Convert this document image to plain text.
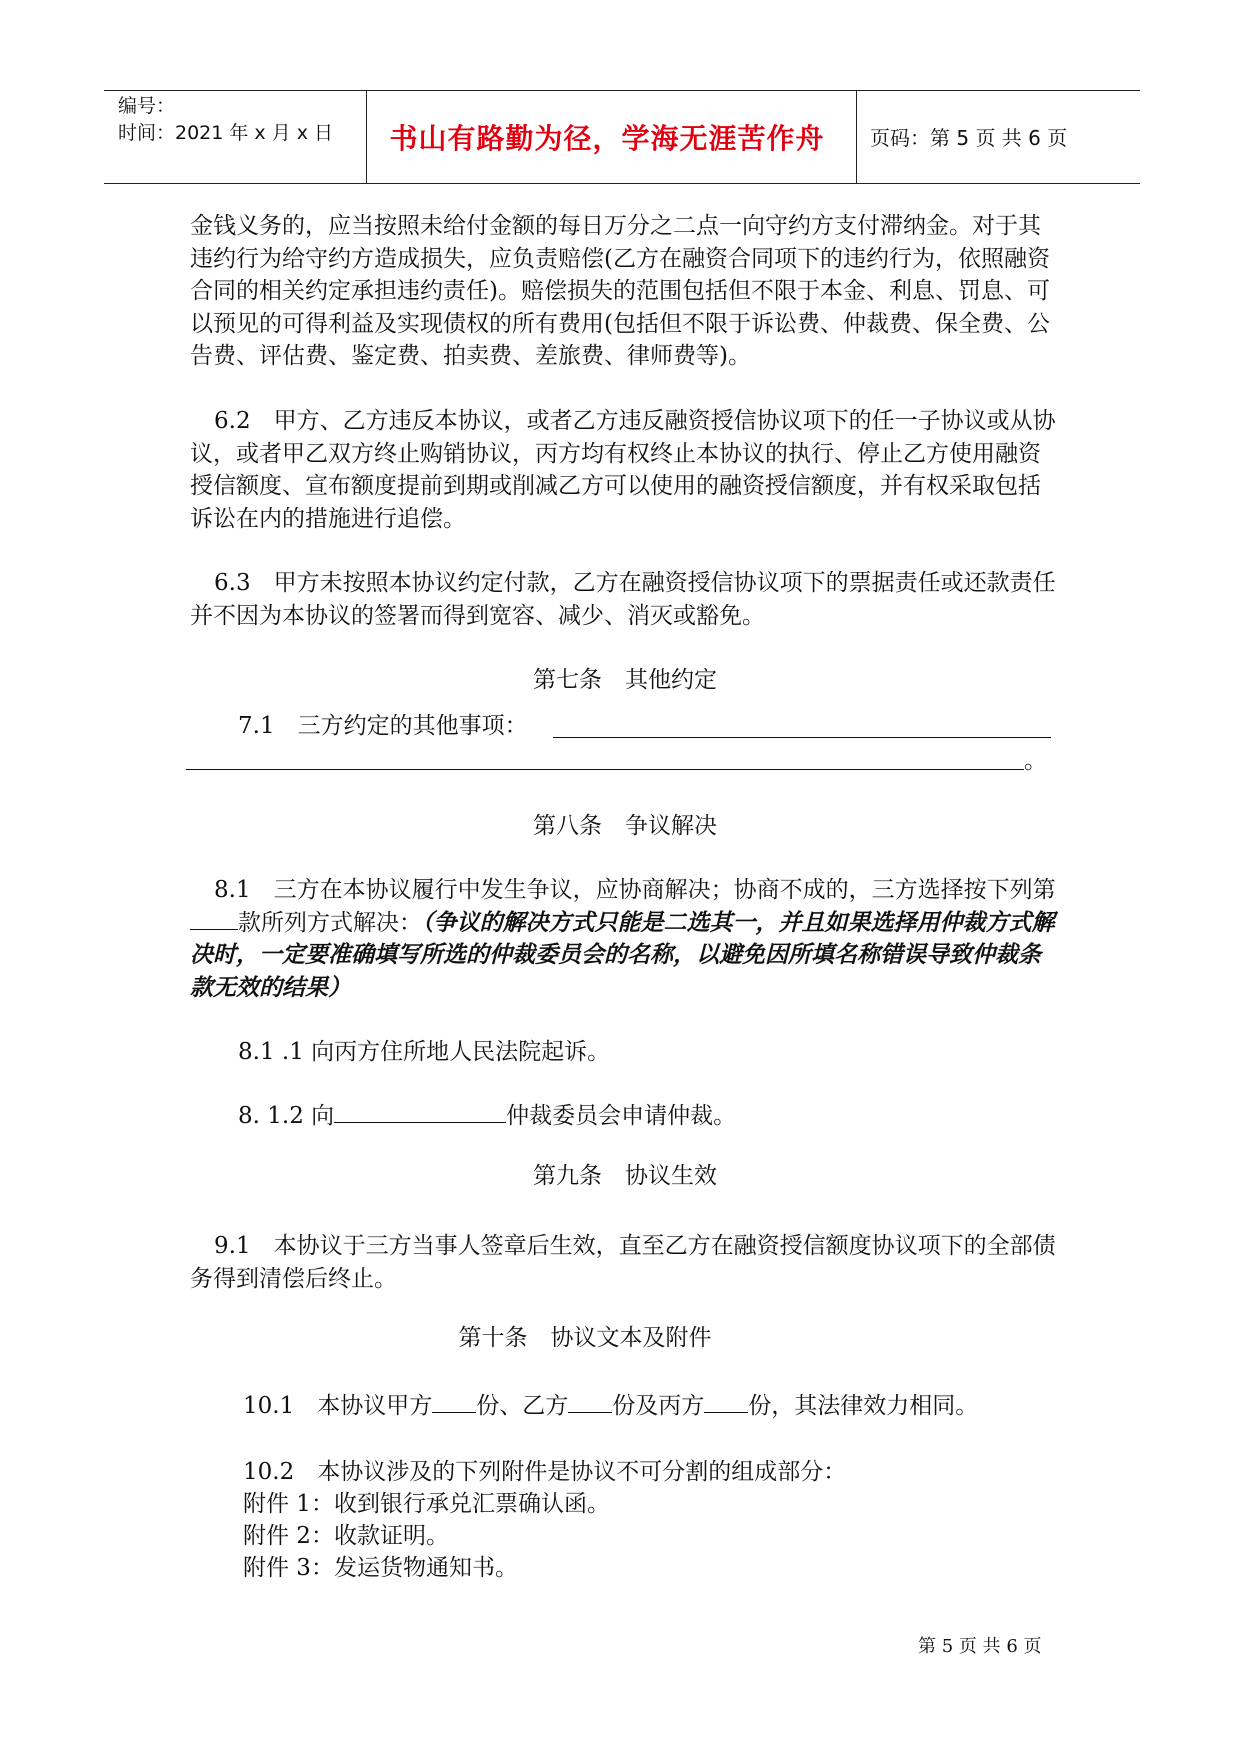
编号：
时间：2021 年 x 月 x 日	书山有路勤为径，学海无涯苦作舟	页码：第 5 页 共 6 页
金钱义务的，应当按照未给付金额的每日万分之二点一向守约方支付滞纳金。对于其违约行为给守约方造成损失，应负责赔偿(乙方在融资合同项下的违约行为，依照融资合同的相关约定承担违约责任)。赔偿损失的范围包括但不限于本金、利息、罚息、可以预见的可得利益及实现债权的所有费用(包括但不限于诉讼费、仲裁费、保全费、公告费、评估费、鉴定费、拍卖费、差旅费、律师费等)。
6.2　甲方、乙方违反本协议，或者乙方违反融资授信协议项下的任一子协议或从协议，或者甲乙双方终止购销协议，丙方均有权终止本协议的执行、停止乙方使用融资授信额度、宣布额度提前到期或削减乙方可以使用的融资授信额度，并有权采取包括诉讼在内的措施进行追偿。
6.3　甲方未按照本协议约定付款，乙方在融资授信协议项下的票据责任或还款责任并不因为本协议的签署而得到宽容、减少、消灭或豁免。
第七条　其他约定
7.1　三方约定的其他事项：
。
第八条　争议解决
8.1　三方在本协议履行中发生争议，应协商解决；协商不成的，三方选择按下列第款所列方式解决：（争议的解决方式只能是二选其一，并且如果选择用仲裁方式解决时，一定要准确填写所选的仲裁委员会的名称，以避免因所填名称错误导致仲裁条款无效的结果）
8.1 .1 向丙方住所地人民法院起诉。
8. 1.2 向	仲裁委员会申请仲裁。
第九条　协议生效
9.1　本协议于三方当事人签章后生效，直至乙方在融资授信额度协议项下的全部债务得到清偿后终止。
第十条　协议文本及附件
10.1　本协议甲方 份、乙方 份及丙方 份，其法律效力相同。
10.2　本协议涉及的下列附件是协议不可分割的组成部分：
附件 1：收到银行承兑汇票确认函。
附件 2：收款证明。
附件 3：发运货物通知书。
第 5 页 共 6 页
